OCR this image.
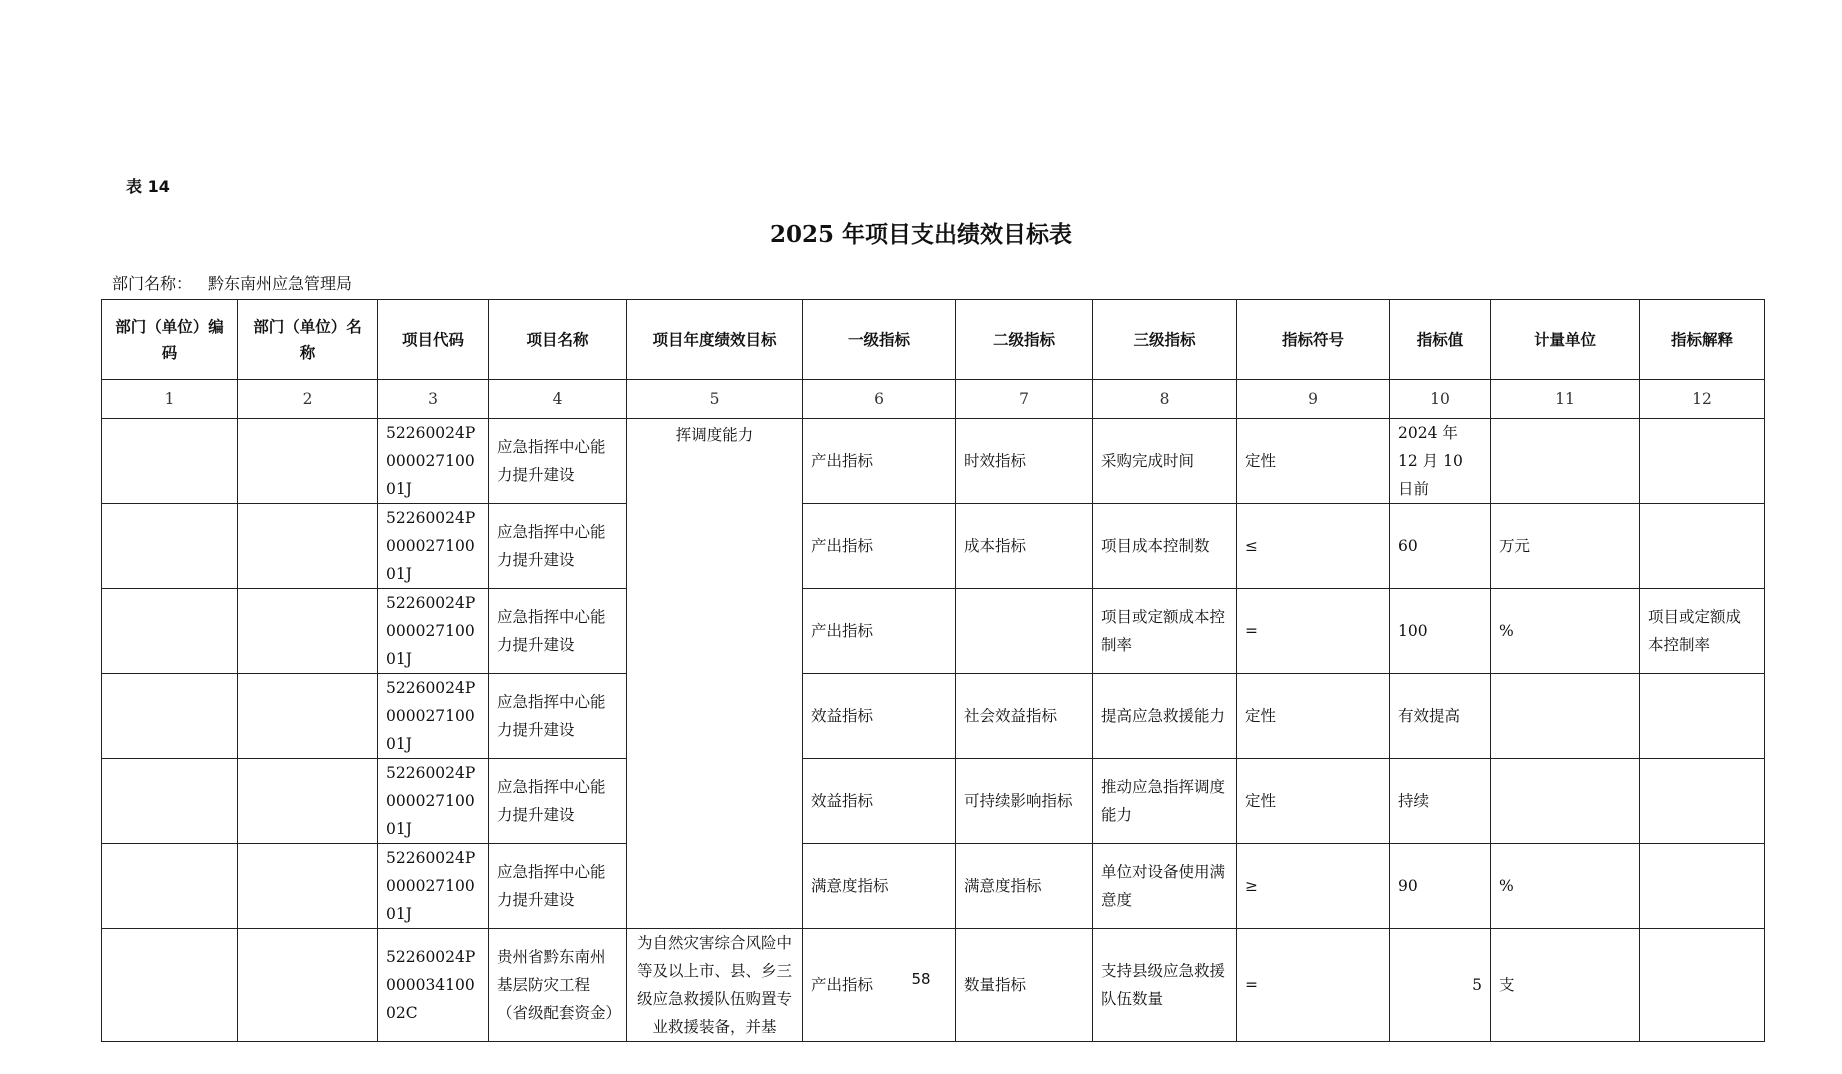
表 14
2025 年项目支出绩效目标表
部门名称： 黔东南州应急管理局
部门（单位）编码	部门（单位）名称	项目代码	项目名称	项目年度绩效目标	一级指标	二级指标	三级指标	指标符号	指标值	计量单位	指标解释
1	2	3	4	5	6	7	8	9	10	11	12
		52260024P00002710001J	应急指挥中心能力提升建设	挥调度能力	产出指标	时效指标	采购完成时间	定性	2024 年 12 月 10 日前		
		52260024P00002710001J	应急指挥中心能力提升建设		产出指标	成本指标	项目成本控制数	≤	60	万元	
		52260024P00002710001J	应急指挥中心能力提升建设		产出指标		项目或定额成本控制率	=	100	%	项目或定额成本控制率
		52260024P00002710001J	应急指挥中心能力提升建设		效益指标	社会效益指标	提高应急救援能力	定性	有效提高		
		52260024P00002710001J	应急指挥中心能力提升建设		效益指标	可持续影响指标	推动应急指挥调度能力	定性	持续		
		52260024P00002710001J	应急指挥中心能力提升建设		满意度指标	满意度指标	单位对设备使用满意度	≥	90	%	
		52260024P00003410002C	贵州省黔东南州基层防灾工程（省级配套资金）	为自然灾害综合风险中等及以上市、县、乡三级应急救援队伍购置专业救援装备，并基	产出指标	数量指标	支持县级应急救援队伍数量	=	5	支	
58
